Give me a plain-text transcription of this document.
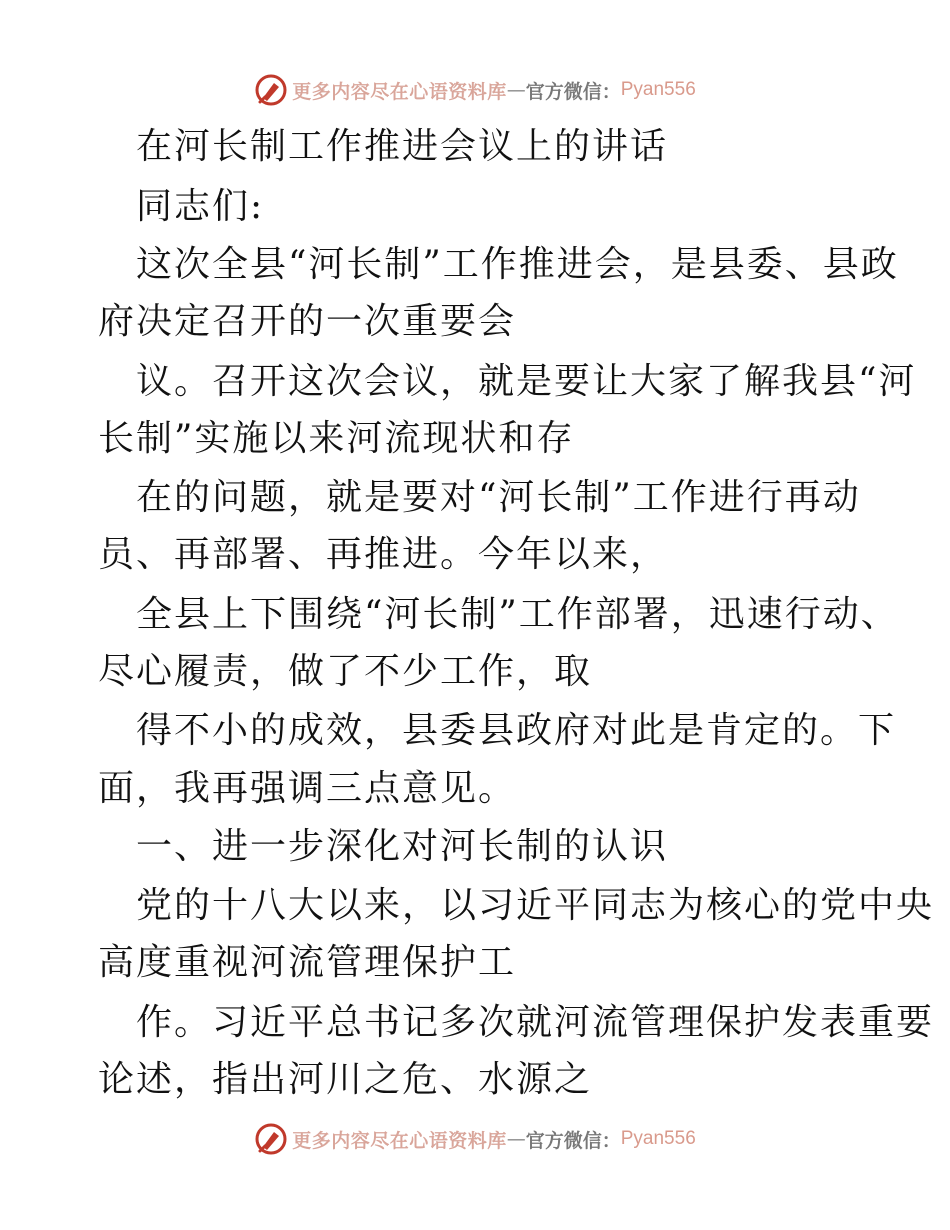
更多内容尽在心语资料库 — 官方微信： Pyan556
在河长制工作推进会议上的讲话
同志们:
这次全县“河长制”工作推进会，是县委、县政
府决定召开的一次重要会
议。召开这次会议，就是要让大家了解我县“河
长制”实施以来河流现状和存
在的问题，就是要对“河长制”工作进行再动
员、再部署、再推进。今年以来，
全县上下围绕“河长制”工作部署，迅速行动、
尽心履责，做了不少工作，取
得不小的成效，县委县政府对此是肯定的。下
面，我再强调三点意见。
一、进一步深化对河长制的认识
党的十八大以来，以习近平同志为核心的党中央
高度重视河流管理保护工
作。习近平总书记多次就河流管理保护发表重要
论述，指出河川之危、水源之
更多内容尽在心语资料库 — 官方微信： Pyan556
